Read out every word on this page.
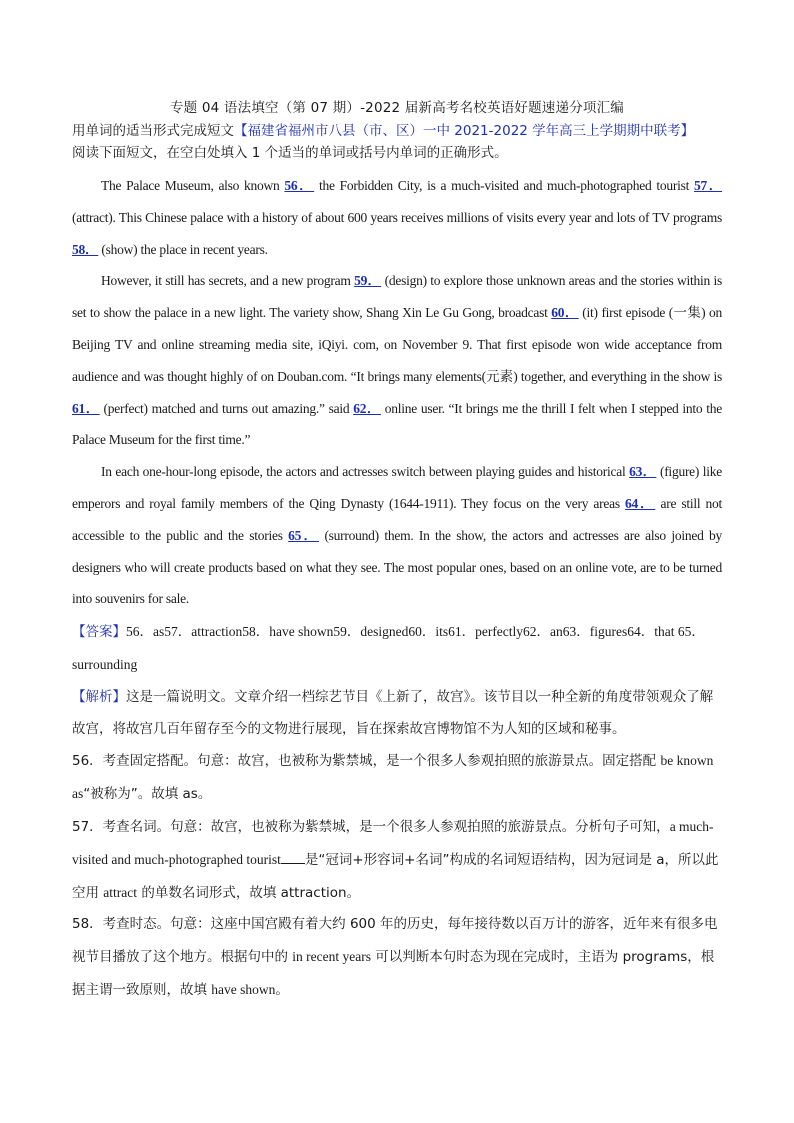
专题 04 语法填空（第 07 期）-2022 届新高考名校英语好题速递分项汇编
用单词的适当形式完成短文【福建省福州市八县（市、区）一中 2021-2022 学年高三上学期期中联考】
阅读下面短文，在空白处填入 1 个适当的单词或括号内单词的正确形式。

The Palace Museum, also known 56． the Forbidden City, is a much-visited and much-photographed tourist 57． (attract). This Chinese palace with a history of about 600 years receives millions of visits every year and lots of TV programs 58． (show) the place in recent years.

However, it still has secrets, and a new program 59． (design) to explore those unknown areas and the stories within is set to show the palace in a new light. The variety show, Shang Xin Le Gu Gong, broadcast 60． (it) first episode (一集) on Beijing TV and online streaming media site, iQiyi. com, on November 9. That first episode won wide acceptance from audience and was thought highly of on Douban.com. “It brings many elements(元素) together, and everything in the show is 61． (perfect) matched and turns out amazing.” said 62． online user. “It brings me the thrill I felt when I stepped into the Palace Museum for the first time.”

In each one-hour-long episode, the actors and actresses switch between playing guides and historical 63． (figure) like emperors and royal family members of the Qing Dynasty (1644-1911). They focus on the very areas 64． are still not accessible to the public and the stories 65． (surround) them. In the show, the actors and actresses are also joined by designers who will create products based on what they see. The most popular ones, based on an online vote, are to be turned into souvenirs for sale.

【答案】56．as57．attraction58．have shown59．designed60．its61．perfectly62．an63．figures64．that 65．surrounding

【解析】这是一篇说明文。文章介绍一档综艺节目《上新了，故宫》。该节目以一种全新的角度带领观众了解故宫，将故宫几百年留存至今的文物进行展现，旨在探索故宫博物馆不为人知的区域和秘事。

56．考查固定搭配。句意：故宫，也被称为紫禁城，是一个很多人参观拍照的旅游景点。固定搭配 be known as“被称为”。故填 as。

57．考查名词。句意：故宫，也被称为紫禁城，是一个很多人参观拍照的旅游景点。分析句子可知，a much-visited and much-photographed tourist 是“冠词+形容词+名词”构成的名词短语结构，因为冠词是 a，所以此空用 attract 的单数名词形式，故填 attraction。

58．考查时态。句意：这座中国宫殿有着大约 600 年的历史，每年接待数以百万计的游客，近年来有很多电视节目播放了这个地方。根据句中的 in recent years 可以判断本句时态为现在完成时，主语为 programs，根据主谓一致原则，故填 have shown。
